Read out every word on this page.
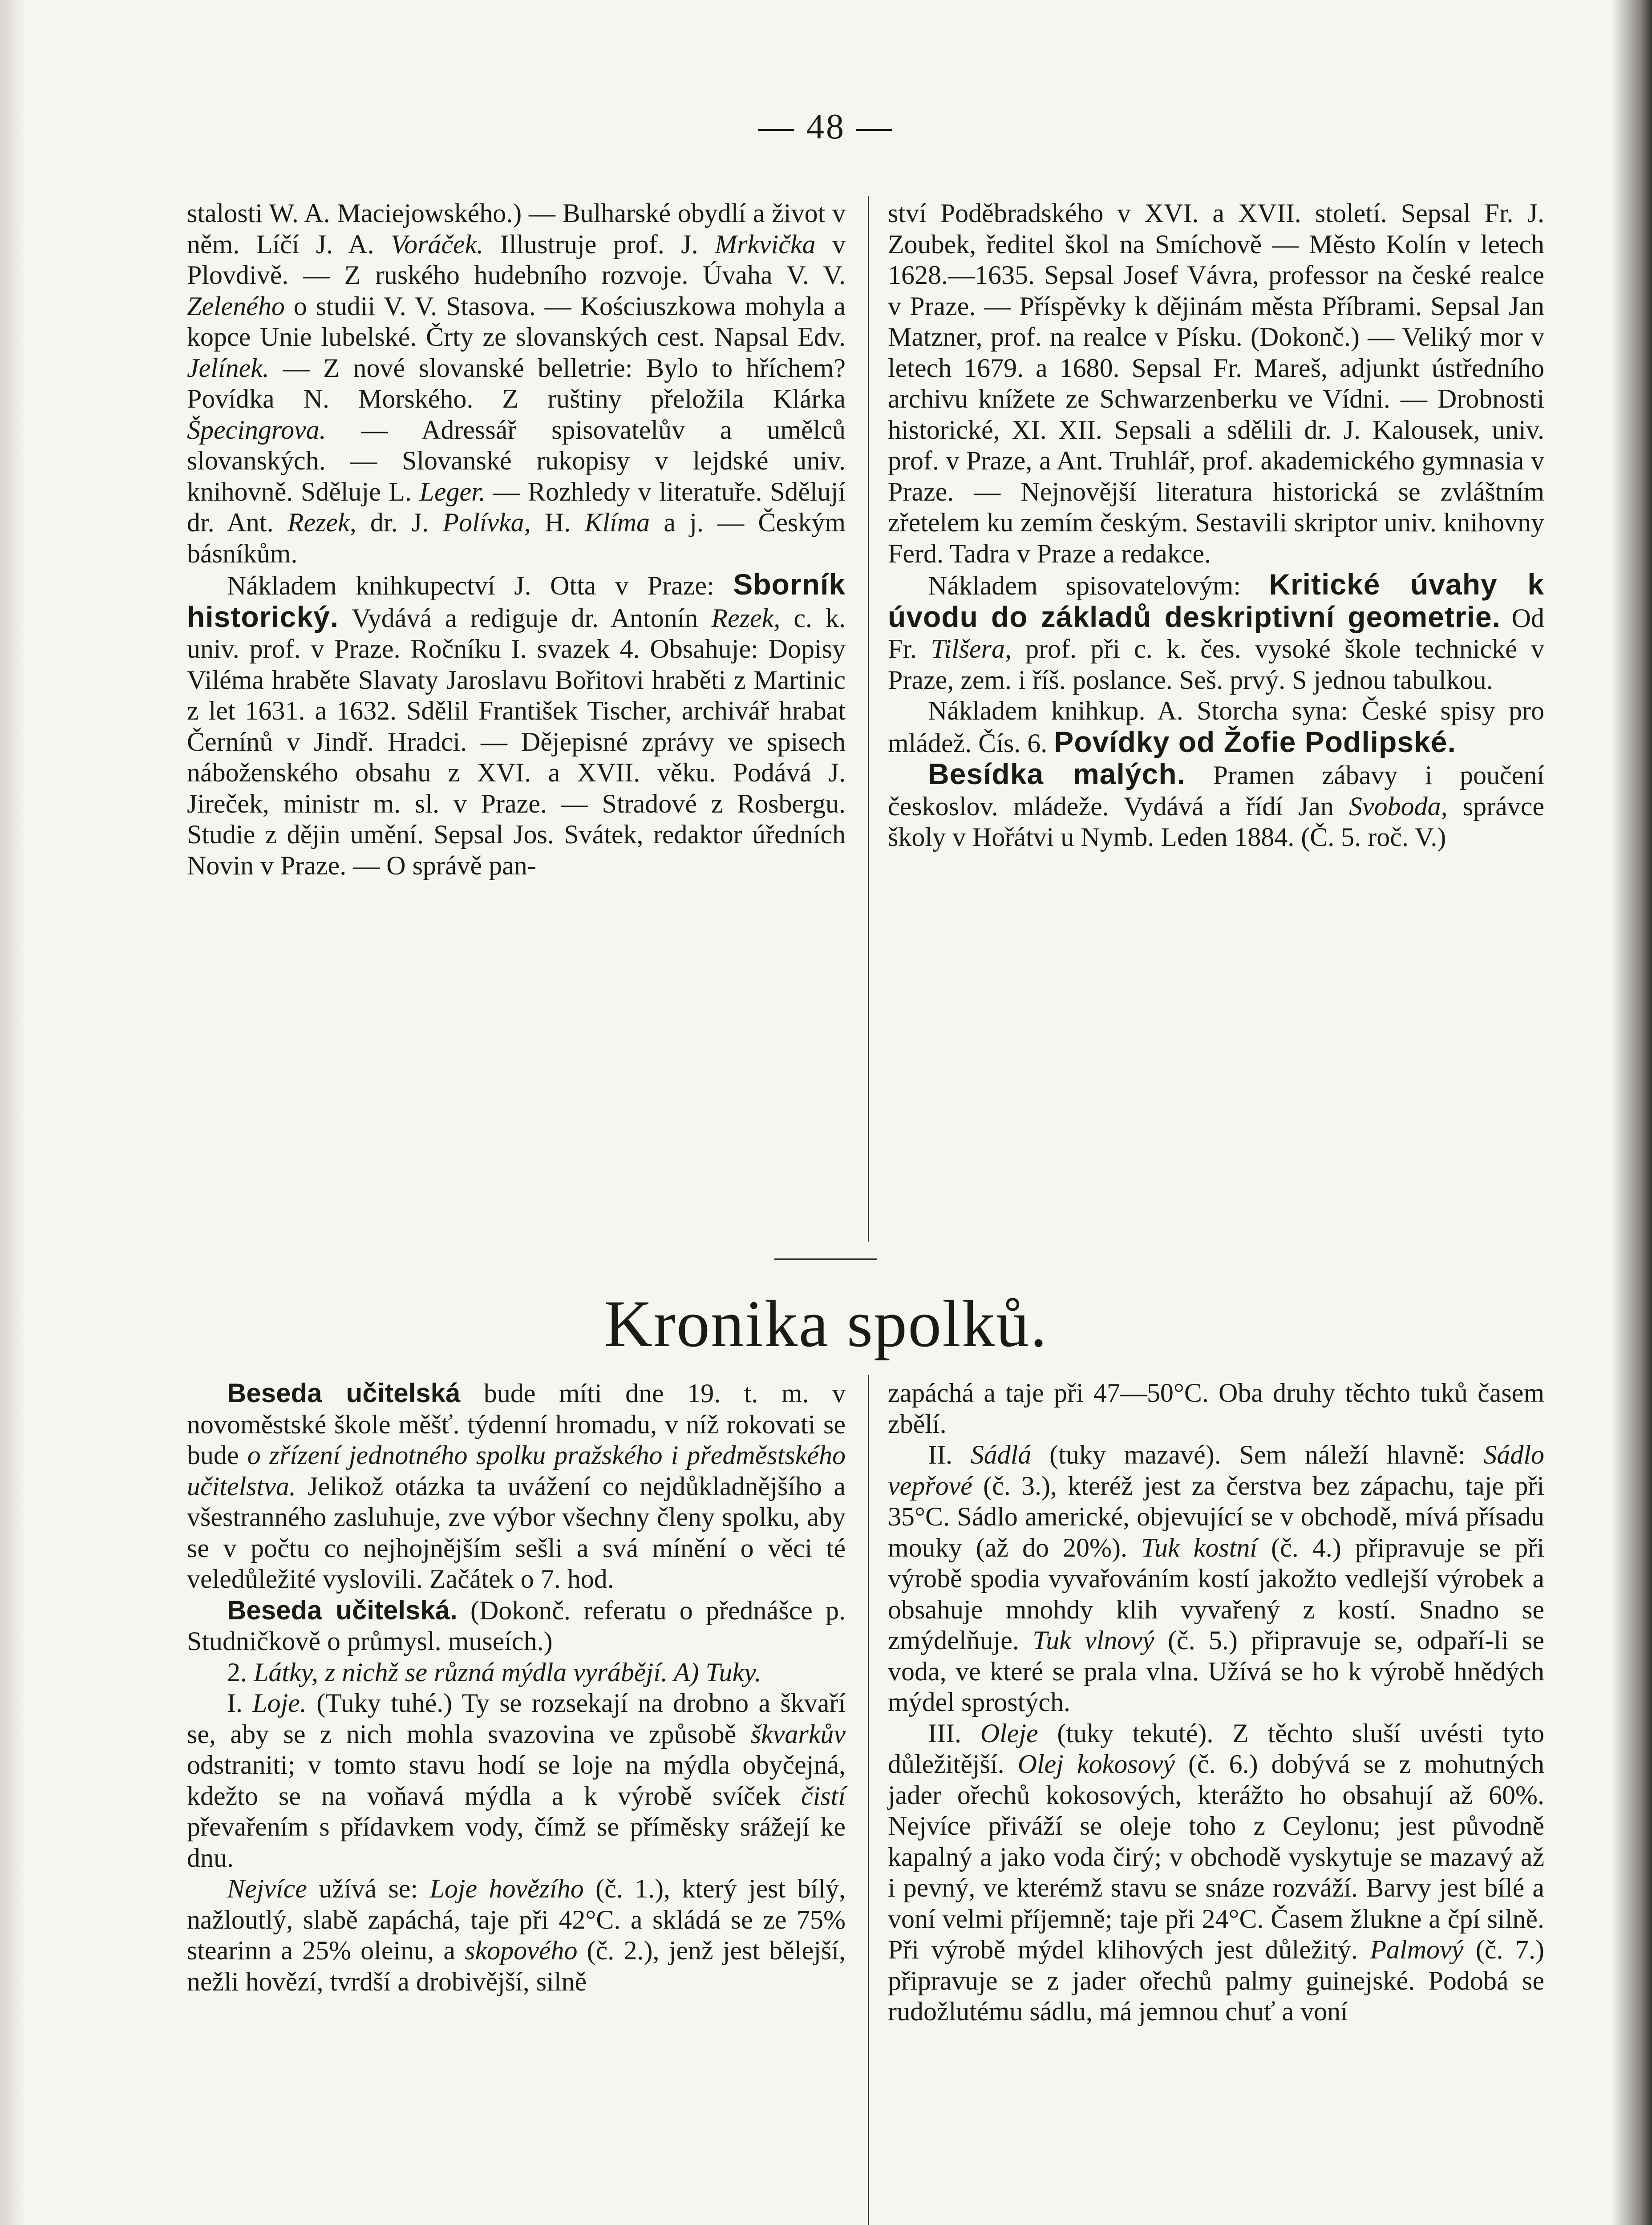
— 48 —

stalosti W. A. Maciejowského.) — Bulharské obydlí a život v něm. Líčí J. A. Voráček. Illustruje prof. J. Mrkvička v Plovdivě. — Z ruského hudebního rozvoje. Úvaha V. V. Zeleného o studii V. V. Stasova. — Kościuszkowa mohyla a kopce Unie lubelské. Črty ze slovanských cest. Napsal Edv. Jelínek. — Z nové slovanské belletrie: Bylo to hříchem? Povídka N. Morského. Z ruštiny přeložila Klárka Špecingrova. — Adressář spisovatelův a umělců slovanských. — Slovanské rukopisy v lejdské univ. knihovně. Sděluje L. Leger. — Rozhledy v literatuře. Sdělují dr. Ant. Rezek, dr. J. Polívka, H. Klíma a j. — Českým básníkům.

Nákladem knihkupectví J. Otta v Praze: Sborník historický. Vydává a rediguje dr. Antonín Rezek, c. k. univ. prof. v Praze. Ročníku I. svazek 4. Obsahuje: Dopisy Viléma hraběte Slavaty Jaroslavu Bořitovi hraběti z Martinic z let 1631. a 1632. Sdělil František Tischer, archivář hrabat Černínů v Jindř. Hradci. — Dějepisné zprávy ve spisech náboženského obsahu z XVI. a XVII. věku. Podává J. Jireček, ministr m. sl. v Praze. — Stradové z Rosbergu. Studie z dějin umění. Sepsal Jos. Svátek, redaktor úředních Novin v Praze. — O správě pan-

ství Poděbradského v XVI. a XVII. století. Sepsal Fr. J. Zoubek, ředitel škol na Smíchově — Město Kolín v letech 1628.—1635. Sepsal Josef Vávra, professor na české realce v Praze. — Příspěvky k dějinám města Příbrami. Sepsal Jan Matzner, prof. na realce v Písku. (Dokonč.) — Veliký mor v letech 1679. a 1680. Sepsal Fr. Mareš, adjunkt ústředního archivu knížete ze Schwarzenberku ve Vídni. — Drobnosti historické, XI. XII. Sepsali a sdělili dr. J. Kalousek, univ. prof. v Praze, a Ant. Truhlář, prof. akademického gymnasia v Praze. — Nejnovější literatura historická se zvláštním zřetelem ku zemím českým. Sestavili skriptor univ. knihovny Ferd. Tadra v Praze a redakce.

Nákladem spisovatelovým: Kritické úvahy k úvodu do základů deskriptivní geometrie. Od Fr. Tilšera, prof. při c. k. čes. vysoké škole technické v Praze, zem. i říš. poslance. Seš. prvý. S jednou tabulkou.

Nákladem knihkup. A. Storcha syna: České spisy pro mládež. Čís. 6. Povídky od Žofie Podlipské.

Besídka malých. Pramen zábavy i poučení českoslov. mládeže. Vydává a řídí Jan Svoboda, správce školy v Hořátvi u Nymb. Leden 1884. (Č. 5. roč. V.)

Kronika spolků.

Beseda učitelská bude míti dne 19. t. m. v novoměstské škole měšť. týdenní hromadu, v níž rokovati se bude o zřízení jednotného spolku pražského i předměstského učitelstva. Jelikož otázka ta uvážení co nejdůkladnějšího a všestranného zasluhuje, zve výbor všechny členy spolku, aby se v počtu co nejhojnějším sešli a svá mínění o věci té veledůležité vyslovili. Začátek o 7. hod.

Beseda učitelská. (Dokonč. referatu o přednášce p. Studničkově o průmysl. museích.)

2. Látky, z nichž se různá mýdla vyrábějí. A) Tuky.

I. Loje. (Tuky tuhé.) Ty se rozsekají na drobno a škvaří se, aby se z nich mohla svazovina ve způsobě škvarkův odstraniti; v tomto stavu hodí se loje na mýdla obyčejná, kdežto se na voňavá mýdla a k výrobě svíček čistí převařením s přídavkem vody, čímž se příměsky srážejí ke dnu.

Nejvíce užívá se: Loje hovězího (č. 1.), který jest bílý, nažloutlý, slabě zapáchá, taje při 42°C. a skládá se ze 75% stearinn a 25% oleinu, a skopového (č. 2.), jenž jest bělejší, nežli hovězí, tvrdší a drobivější, silně

zapáchá a taje při 47—50°C. Oba druhy těchto tuků časem zbělí.

II. Sádlá (tuky mazavé). Sem náleží hlavně: Sádlo vepřové (č. 3.), kteréž jest za čerstva bez zápachu, taje při 35°C. Sádlo americké, objevující se v obchodě, mívá přísadu mouky (až do 20%). Tuk kostní (č. 4.) připravuje se při výrobě spodia vyvařováním kostí jakožto vedlejší výrobek a obsahuje mnohdy klih vyvařený z kostí. Snadno se zmýdelňuje. Tuk vlnový (č. 5.) připravuje se, odpaří-li se voda, ve které se prala vlna. Užívá se ho k výrobě hnědých mýdel sprostých.

III. Oleje (tuky tekuté). Z těchto sluší uvésti tyto důležitější. Olej kokosový (č. 6.) dobývá se z mohutných jader ořechů kokosových, kterážto ho obsahují až 60%. Nejvíce přiváží se oleje toho z Ceylonu; jest původně kapalný a jako voda čirý; v obchodě vyskytuje se mazavý až i pevný, ve kterémž stavu se snáze rozváží. Barvy jest bílé a voní velmi příjemně; taje při 24°C. Časem žlukne a čpí silně. Při výrobě mýdel klihových jest důležitý. Palmový (č. 7.) připravuje se z jader ořechů palmy guinejské. Podobá se rudožlutému sádlu, má jemnou chuť a voní
